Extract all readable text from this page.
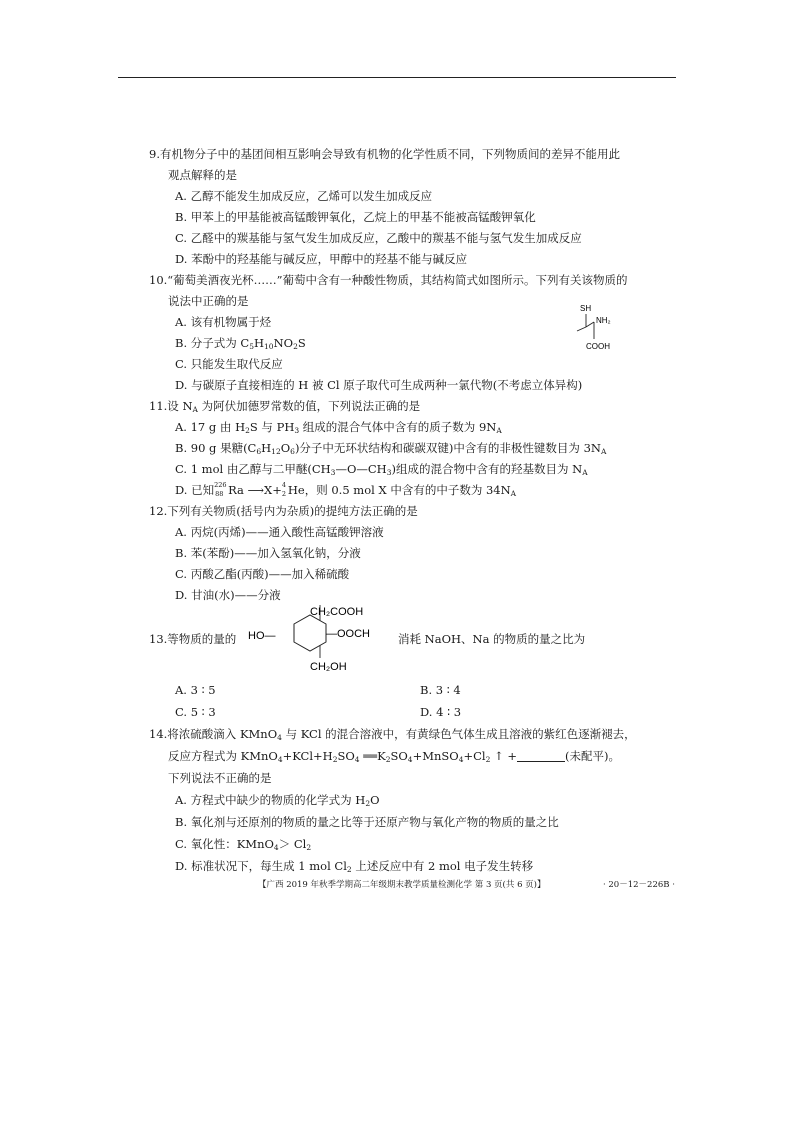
9.有机物分子中的基团间相互影响会导致有机物的化学性质不同，下列物质间的差异不能用此
观点解释的是
A. 乙醇不能发生加成反应，乙烯可以发生加成反应
B. 甲苯上的甲基能被高锰酸钾氧化，乙烷上的甲基不能被高锰酸钾氧化
C. 乙醛中的羰基能与氢气发生加成反应，乙酸中的羰基不能与氢气发生加成反应
D. 苯酚中的羟基能与碱反应，甲醇中的羟基不能与碱反应
10.“葡萄美酒夜光杯……”葡萄中含有一种酸性物质，其结构简式如图所示。下列有关该物质的
说法中正确的是
A. 该有机物属于烃
B. 分子式为 $C_5H_{10}NO_2S$
C. 只能发生取代反应
D. 与碳原子直接相连的 H 被 Cl 原子取代可生成两种一氯代物(不考虑立体异构)
SH
NH₂
COOH
11.设 $N_A$ 为阿伏加德罗常数的值，下列说法正确的是
A. 17 g 由 $H_2S$ 与 $PH_3$ 组成的混合气体中含有的质子数为 $9N_A$
B. 90 g 果糖$(C_6H_{12}O_6)$分子中无环状结构和碳碳双键)中含有的非极性键数目为 $3N_A$
C. 1 mol 由乙醇与二甲醚$(CH_3—O—CH_3)$组成的混合物中含有的羟基数目为 $N_A$
D. 已知 226
88 Ra ⟶X+ 4
2 He，则 0.5 mol X 中含有的中子数为 $34N_A$
12.下列有关物质(括号内为杂质)的提纯方法正确的是
A. 丙烷(丙烯)——通入酸性高锰酸钾溶液
B. 苯(苯酚)——加入氢氧化钠，分液
C. 丙酸乙酯(丙酸)——加入稀硫酸
D. 甘油(水)——分液
13.等物质的量的 HO—
CH₂COOH
—OOCH
CH₂OH
消耗 NaOH、Na 的物质的量之比为
A. 3 ∶ 5	B. 3 ∶ 4
C. 5 ∶ 3	D. 4 ∶ 3
14.将浓硫酸滴入 KMnO$_4$ 与 KCl 的混合溶液中，有黄绿色气体生成且溶液的紫红色逐渐褪去，
反应方程式为 $KMnO_4+KCl+H_2SO_4$ $══K_2SO_4+MnSO_4+Cl_2$ ↑ +	(未配平)。
下列说法不正确的是
A. 方程式中缺少的物质的化学式为 $H_2O$
B. 氧化剂与还原剂的物质的量之比等于还原产物与氧化产物的物质的量之比
C. 氧化性：KMnO$_4$＞ $Cl_2$
D. 标准状况下，每生成 1 mol $Cl_2$ 上述反应中有 2 mol 电子发生转移
【广西 2019 年秋季学期高二年级期末教学质量检测化学 第 3 页(共 6 页)】	· 20－12－226B ·
